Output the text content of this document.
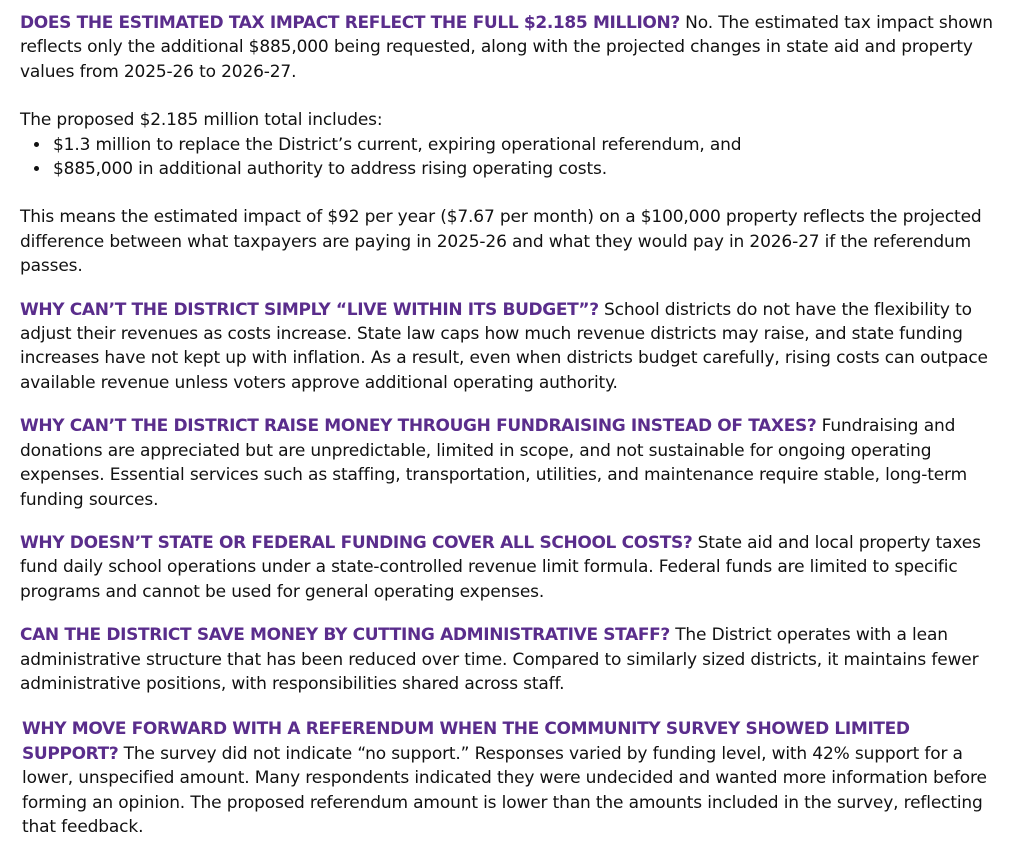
DOES THE ESTIMATED TAX IMPACT REFLECT THE FULL $2.185 MILLION? No. The estimated tax impact shown reflects only the additional $885,000 being requested, along with the projected changes in state aid and property values from 2025-26 to 2026-27.

The proposed $2.185 million total includes:

• $1.3 million to replace the District’s current, expiring operational referendum, and
• $885,000 in additional authority to address rising operating costs.

This means the estimated impact of $92 per year ($7.67 per month) on a $100,000 property reflects the projected difference between what taxpayers are paying in 2025-26 and what they would pay in 2026-27 if the referendum passes.

WHY CAN’T THE DISTRICT SIMPLY “LIVE WITHIN ITS BUDGET”? School districts do not have the flexibility to adjust their revenues as costs increase. State law caps how much revenue districts may raise, and state funding increases have not kept up with inflation. As a result, even when districts budget carefully, rising costs can outpace available revenue unless voters approve additional operating authority.

WHY CAN’T THE DISTRICT RAISE MONEY THROUGH FUNDRAISING INSTEAD OF TAXES? Fundraising and donations are appreciated but are unpredictable, limited in scope, and not sustainable for ongoing operating expenses. Essential services such as staffing, transportation, utilities, and maintenance require stable, long-term funding sources.

WHY DOESN’T STATE OR FEDERAL FUNDING COVER ALL SCHOOL COSTS? State aid and local property taxes fund daily school operations under a state-controlled revenue limit formula. Federal funds are limited to specific programs and cannot be used for general operating expenses.

CAN THE DISTRICT SAVE MONEY BY CUTTING ADMINISTRATIVE STAFF? The District operates with a lean administrative structure that has been reduced over time. Compared to similarly sized districts, it maintains fewer administrative positions, with responsibilities shared across staff.

WHY MOVE FORWARD WITH A REFERENDUM WHEN THE COMMUNITY SURVEY SHOWED LIMITED SUPPORT? The survey did not indicate “no support.” Responses varied by funding level, with 42% support for a lower, unspecified amount. Many respondents indicated they were undecided and wanted more information before forming an opinion. The proposed referendum amount is lower than the amounts included in the survey, reflecting that feedback.
